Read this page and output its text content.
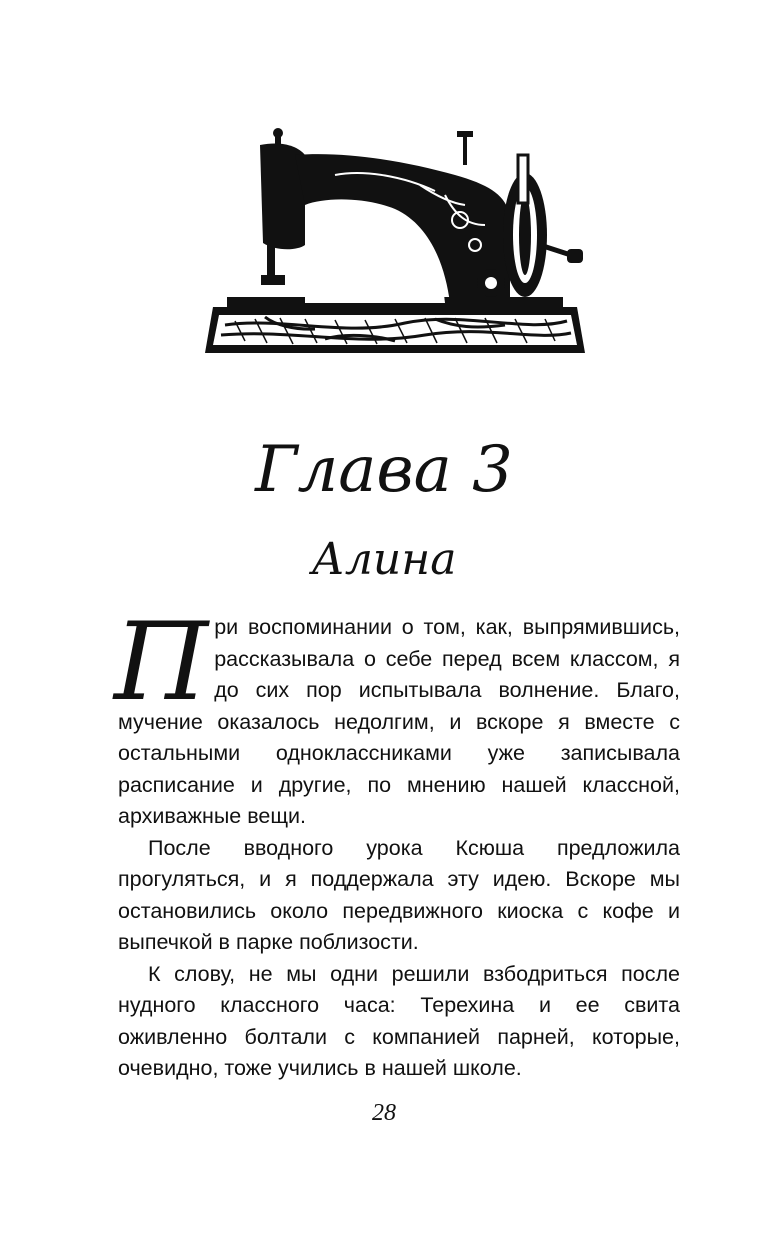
Глава 3
Алина

При воспоминании о том, как, выпрямившись, рассказывала о себе перед всем классом, я до сих пор испытывала волнение. Благо, мучение оказалось недолгим, и вскоре я вместе с остальными одноклассниками уже записывала расписание и другие, по мнению нашей классной, архиважные вещи.

После вводного урока Ксюша предложила прогуляться, и я поддержала эту идею. Вскоре мы остановились около передвижного киоска с кофе и выпечкой в парке поблизости.

К слову, не мы одни решили взбодриться после нудного классного часа: Терехина и ее свита оживленно болтали с компанией парней, которые, очевидно, тоже учились в нашей школе.

28
